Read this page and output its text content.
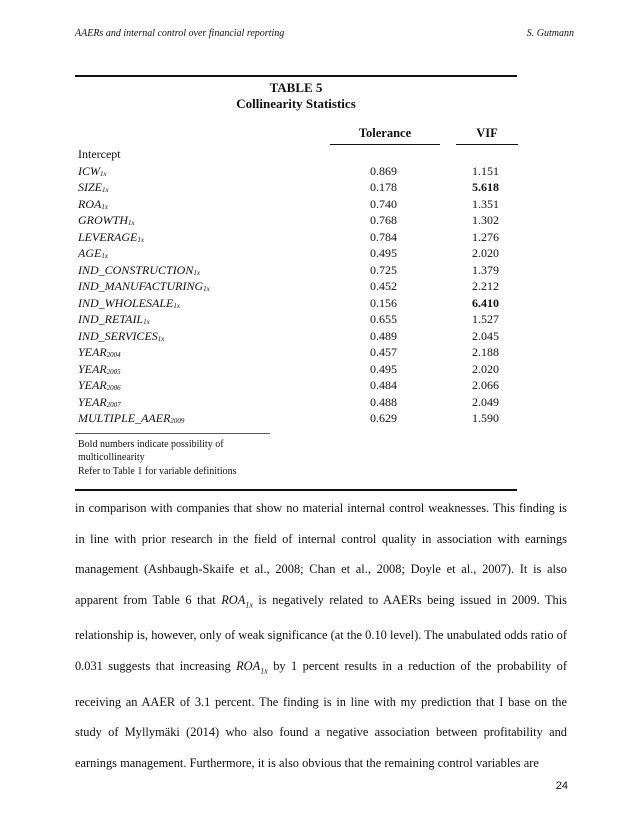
AAERs and internal control over financial reporting	S. Gutmann
TABLE 5
Collinearity Statistics
Tolerance	VIF
Intercept
$ICW_{1x}$	0.869	1.151
$SIZE_{1x}$	0.178	5.618
$ROA_{1x}$	0.740	1.351
$GROWTH_{1x}$	0.768	1.302
$LEVERAGE_{1x}$	0.784	1.276
$AGE_{1x}$	0.495	2.020
$IND\_CONSTRUCTION_{1x}$	0.725	1.379
$IND\_MANUFACTURING_{1x}$	0.452	2.212
$IND\_WHOLESALE_{1x}$	0.156	6.410
$IND\_RETAIL_{1x}$	0.655	1.527
$IND\_SERVICES_{1x}$	0.489	2.045
$YEAR_{2004}$	0.457	2.188
$YEAR_{2005}$	0.495	2.020
$YEAR_{2006}$	0.484	2.066
$YEAR_{2007}$	0.488	2.049
$MULTIPLE\_AAER_{2009}$	0.629	1.590
Bold numbers indicate possibility of multicollinearity
Refer to Table 1 for variable definitions

in comparison with companies that show no material internal control weaknesses. This finding is in line with prior research in the field of internal control quality in association with earnings management (Ashbaugh-Skaife et al., 2008; Chan et al., 2008; Doyle et al., 2007). It is also apparent from Table 6 that $ROA_{1x}$ is negatively related to AAERs being issued in 2009. This relationship is, however, only of weak significance (at the 0.10 level). The unabulated odds ratio of 0.031 suggests that increasing $ROA_{1x}$ by 1 percent results in a reduction of the probability of receiving an AAER of 3.1 percent. The finding is in line with my prediction that I base on the study of Myllymäki (2014) who also found a negative association between profitability and earnings management. Furthermore, it is also obvious that the remaining control variables are

24
